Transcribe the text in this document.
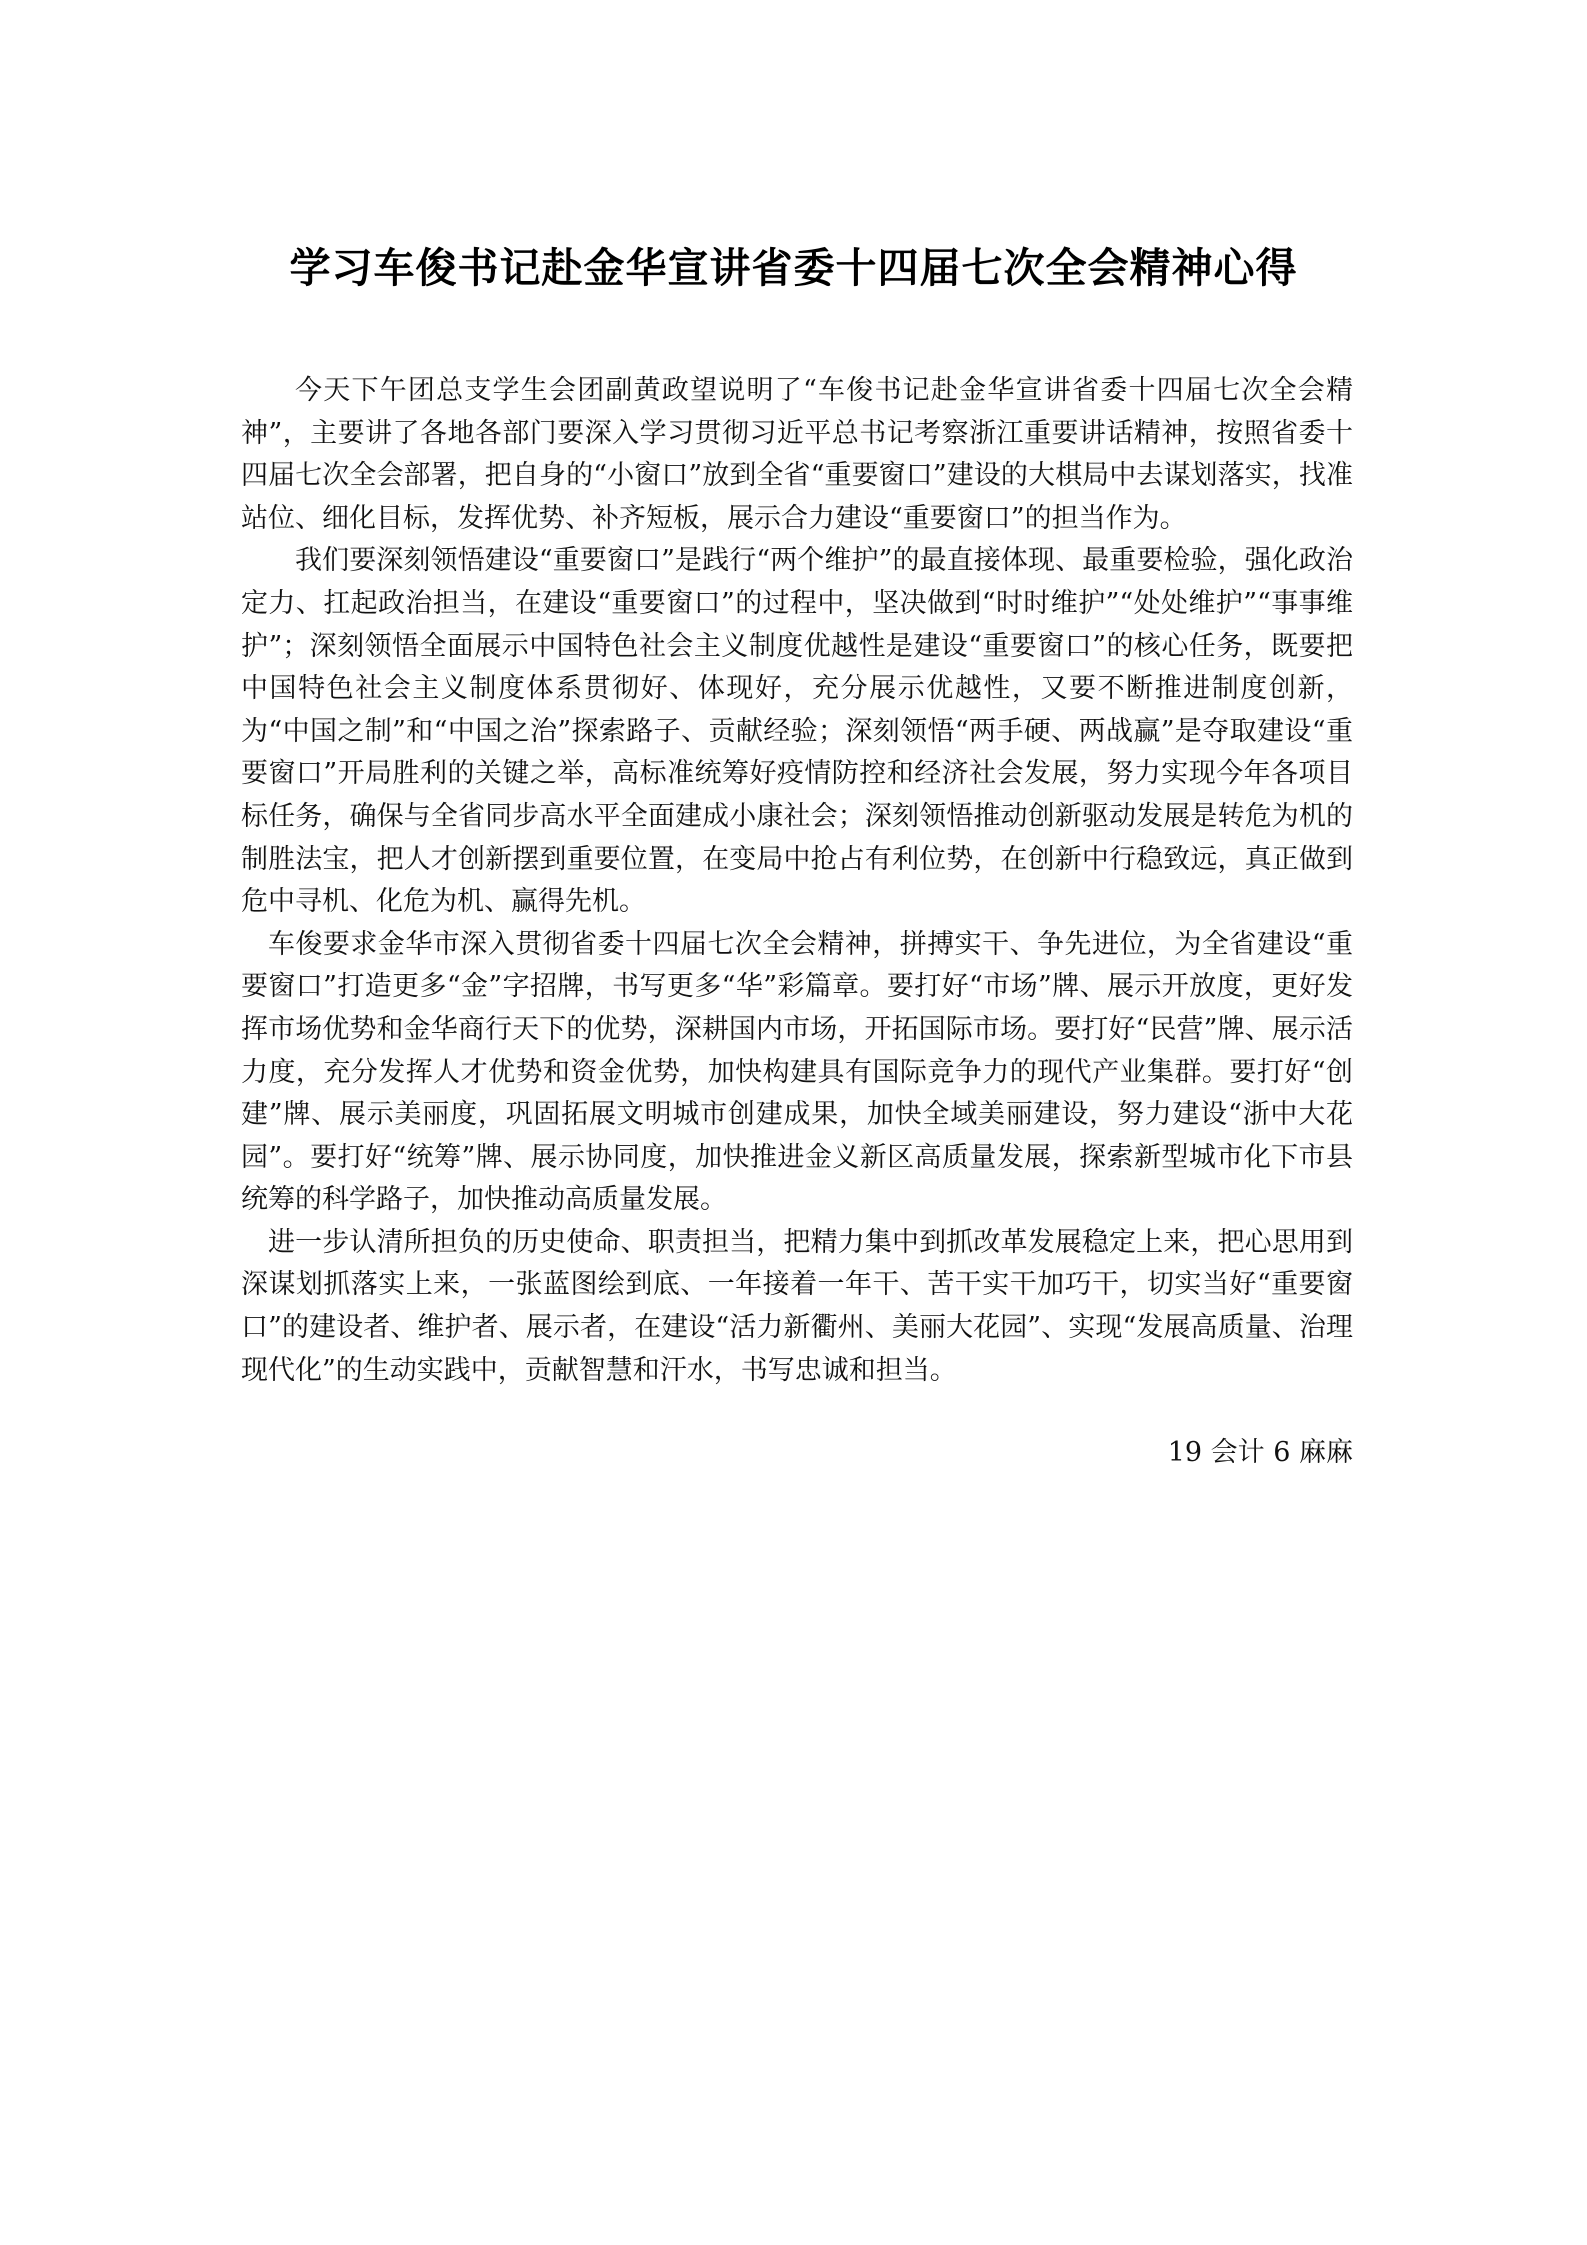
学习车俊书记赴金华宣讲省委十四届七次全会精神心得

今天下午团总支学生会团副黄政望说明了“车俊书记赴金华宣讲省委十四届七次全会精神”，主要讲了各地各部门要深入学习贯彻习近平总书记考察浙江重要讲话精神，按照省委十四届七次全会部署，把自身的“小窗口”放到全省“重要窗口”建设的大棋局中去谋划落实，找准站位、细化目标，发挥优势、补齐短板，展示合力建设“重要窗口”的担当作为。

我们要深刻领悟建设“重要窗口”是践行“两个维护”的最直接体现、最重要检验，强化政治定力、扛起政治担当，在建设“重要窗口”的过程中，坚决做到“时时维护”“处处维护”“事事维护”；深刻领悟全面展示中国特色社会主义制度优越性是建设“重要窗口”的核心任务，既要把中国特色社会主义制度体系贯彻好、体现好，充分展示优越性，又要不断推进制度创新，为“中国之制”和“中国之治”探索路子、贡献经验；深刻领悟“两手硬、两战赢”是夺取建设“重要窗口”开局胜利的关键之举，高标准统筹好疫情防控和经济社会发展，努力实现今年各项目标任务，确保与全省同步高水平全面建成小康社会；深刻领悟推动创新驱动发展是转危为机的制胜法宝，把人才创新摆到重要位置，在变局中抢占有利位势，在创新中行稳致远，真正做到危中寻机、化危为机、赢得先机。

车俊要求金华市深入贯彻省委十四届七次全会精神，拼搏实干、争先进位，为全省建设“重要窗口”打造更多“金”字招牌，书写更多“华”彩篇章。要打好“市场”牌、展示开放度，更好发挥市场优势和金华商行天下的优势，深耕国内市场，开拓国际市场。要打好“民营”牌、展示活力度，充分发挥人才优势和资金优势，加快构建具有国际竞争力的现代产业集群。要打好“创建”牌、展示美丽度，巩固拓展文明城市创建成果，加快全域美丽建设，努力建设“浙中大花园”。要打好“统筹”牌、展示协同度，加快推进金义新区高质量发展，探索新型城市化下市县统筹的科学路子，加快推动高质量发展。

进一步认清所担负的历史使命、职责担当，把精力集中到抓改革发展稳定上来，把心思用到深谋划抓落实上来，一张蓝图绘到底、一年接着一年干、苦干实干加巧干，切实当好“重要窗口”的建设者、维护者、展示者，在建设“活力新衢州、美丽大花园”、实现“发展高质量、治理现代化”的生动实践中，贡献智慧和汗水，书写忠诚和担当。

19 会计 6 麻麻
